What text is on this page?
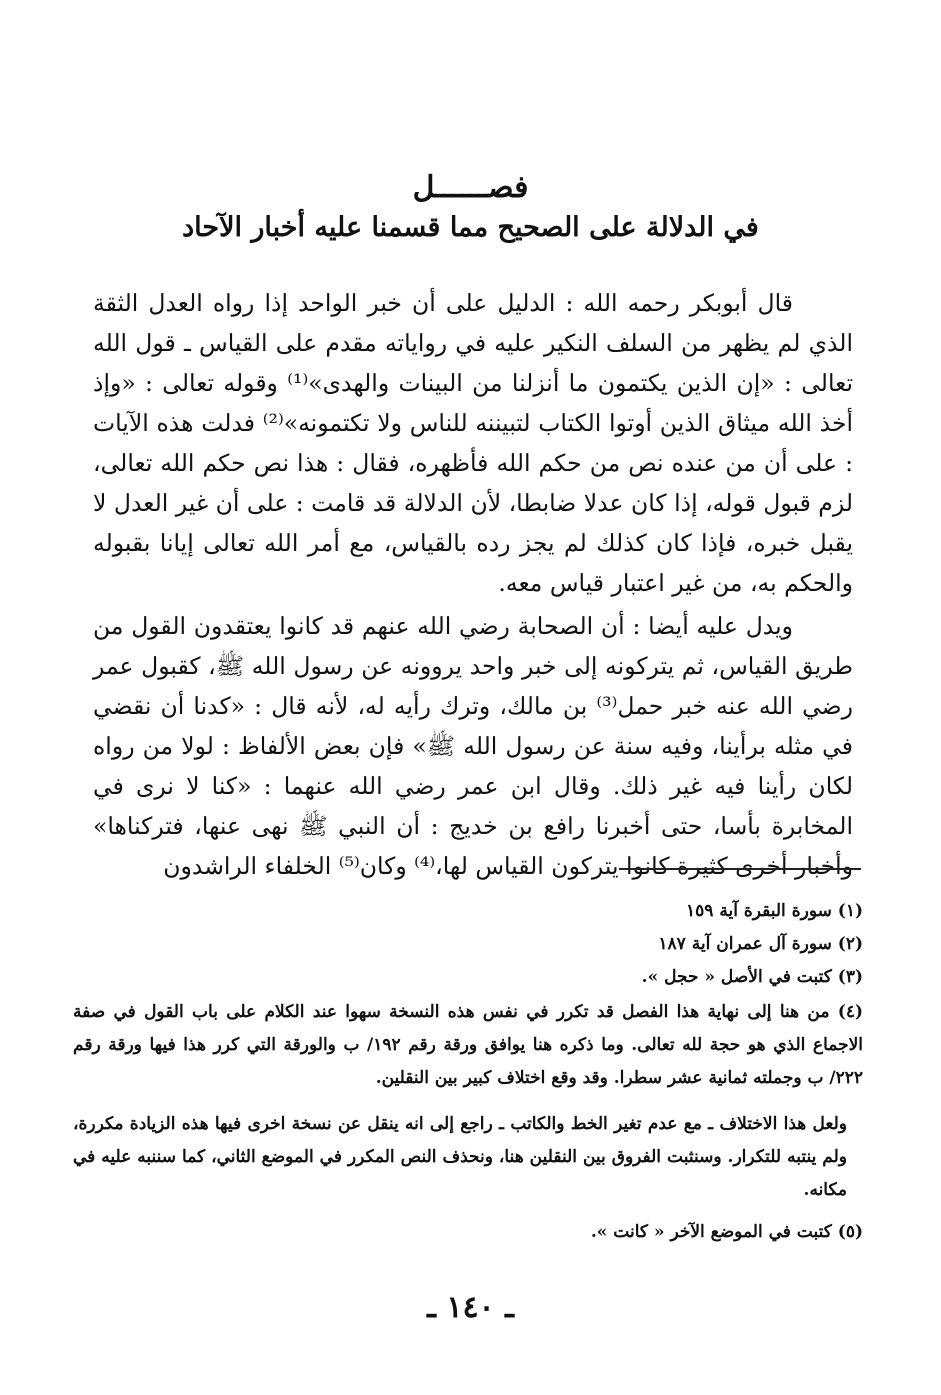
فصــــــل
في الدلالة على الصحيح مما قسمنا عليه أخبار الآحاد
قال أبوبكر رحمه الله : الدليل على أن خبر الواحد إذا رواه العدل الثقة الذي لم يظهر من السلف النكير عليه في رواياته مقدم على القياس ـ قول الله تعالى : «إن الذين يكتمون ما أنزلنا من البينات والهدى»⁽¹⁾ وقوله تعالى : «وإذ أخذ الله ميثاق الذين أوتوا الكتاب لتبيننه للناس ولا تكتمونه»⁽²⁾ فدلت هذه الآيات : على أن من عنده نص من حكم الله فأظهره، فقال : هذا نص حكم الله تعالى، لزم قبول قوله، إذا كان عدلا ضابطا، لأن الدلالة قد قامت : على أن غير العدل لا يقبل خبره، فإذا كان كذلك لم يجز رده بالقياس، مع أمر الله تعالى إيانا بقبوله والحكم به، من غير اعتبار قياس معه.
ويدل عليه أيضا : أن الصحابة رضي الله عنهم قد كانوا يعتقدون القول من طريق القياس، ثم يتركونه إلى خبر واحد يروونه عن رسول الله ﷺ، كقبول عمر رضي الله عنه خبر حمل⁽³⁾ بن مالك، وترك رأيه له، لأنه قال : «كدنا أن نقضي في مثله برأينا، وفيه سنة عن رسول الله ﷺ» فإن بعض الألفاظ : لولا من رواه لكان رأينا فيه غير ذلك. وقال ابن عمر رضي الله عنهما : «كنا لا نرى في المخابرة بأسا، حتى أخبرنا رافع بن خديج : أن النبي ﷺ نهى عنها، فتركناها» وأخبار أخرى كثيرة كانوا يتركون القياس لها،⁽⁴⁾ وكان⁽⁵⁾ الخلفاء الراشدون
(١) سورة البقرة آية ١٥٩
(٢) سورة آل عمران آية ١٨٧
(٣) كتبت في الأصل « حجل ».
(٤) من هنا إلى نهاية هذا الفصل قد تكرر في نفس هذه النسخة سهوا عند الكلام على باب القول في صفة الاجماع الذي هو حجة لله تعالى. وما ذكره هنا يوافق ورقة رقم ١٩٢/ ب والورقة التي كرر هذا فيها ورقة رقم ٢٢٢/ ب وجملته ثمانية عشر سطرا. وقد وقع اختلاف كبير بين النقلين.
ولعل هذا الاختلاف ـ مع عدم تغير الخط والكاتب ـ راجع إلى انه ينقل عن نسخة اخرى فيها هذه الزيادة مكررة، ولم ينتبه للتكرار. وسنثبت الفروق بين النقلين هنا، ونحذف النص المكرر في الموضع الثاني، كما سننبه عليه في مكانه.
(٥) كتبت في الموضع الآخر « كانت ».
ـ ١٤٠ ـ
